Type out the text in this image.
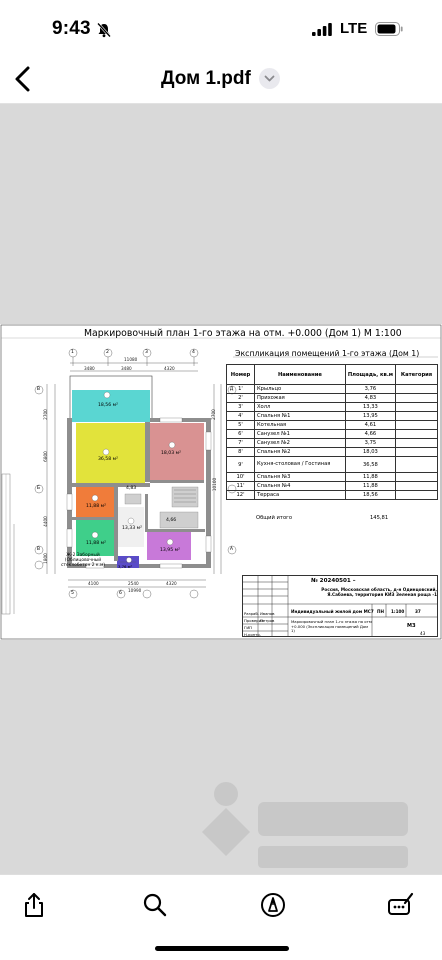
9:43	LTE
Дом 1.pdf
Маркировочный план 1-го этажа на отм. +0.000 (Дом 1) М 1:100
Экспликация помещений 1-го этажа (Дом 1)
Номер	Наименование	Площадь, кв.м	Категория
1'	Крыльцо	3,76	
2'	Прихожая	4,83	
3'	Холл	13,33	
4'	Спальня №1	13,95	
5'	Котельная	4,61	
6'	Санузел №1	4,66	
7'	Санузел №2	3,75	
8'	Спальня №2	18,03	
9'	Кухня-столовая / Гостиная	36,58	
10'	Спальня №3	11,88	
11'	Спальня №4	11,88	
12'	Терраса	18,56	
Общий итого	145,81
18,56 м²
36,58 м²
18,03 м²
11,88 м²
11,88 м²
13,33 м²
13,95 м²
3,76 м²
4,83
4,66
11080
3480	3480	4320
4100	2540	4320
10990
2700
6800
4400
1800
2700
10100
1	2	3	4
5	6
В
Б
В
Д
А
Ж-2 Заборный (Облицовочный стеклобетон 2 к.м)
№ 20240501 –
Россия, Московская область, д-н Одинцовский, Я.Сабаева, территория КИЗ Зеленая роща -1
Индивидуальный жилой дом МС7
Маркировочный план 1-го этажа на отм +0.000 (Экспликация помещений Дом 1)
ПН 1:100	37
МЗ
Разраб.
Проверил
ГИП
Н.контр.
Иванов
Петров
43
